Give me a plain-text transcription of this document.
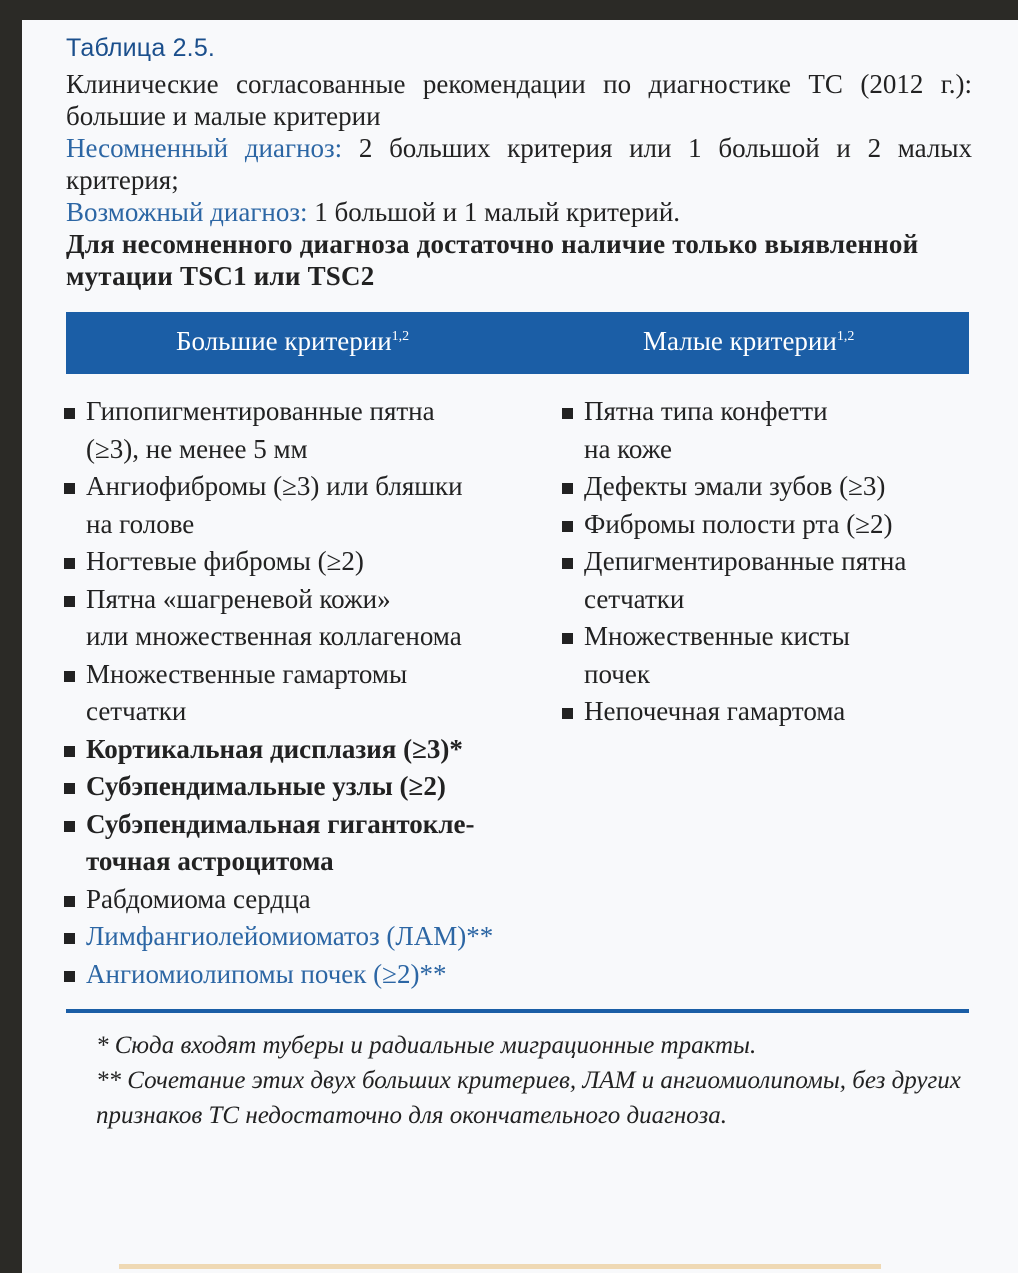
Таблица 2.5.
Клинические согласованные рекомендации по диагностике ТС (2012 г.): большие и малые критерии
Несомненный диагноз: 2 больших критерия или 1 большой и 2 малых критерия;
Возможный диагноз: 1 большой и 1 малый критерий.
Для несомненного диагноза достаточно наличие только выявленной мутации TSC1 или TSC2
Большие критерии$^{1,2}$	Малые критерии$^{1,2}$
Гипопигментированные пятна
(≥3), не менее 5 мм
Ангиофибромы (≥3) или бляшки
на голове
Ногтевые фибромы (≥2)
Пятна «шагреневой кожи»
или множественная коллагенома
Множественные гамартомы
сетчатки
Кортикальная дисплазия (≥3)*
Субэпендимальные узлы (≥2)
Субэпендимальная гигантокле-
точная астроцитома
Рабдомиома сердца
Лимфангиолейомиоматоз (ЛАМ)**
Ангиомиолипомы почек (≥2)**
Пятна типа конфетти
на коже
Дефекты эмали зубов (≥3)
Фибромы полости рта (≥2)
Депигментированные пятна
сетчатки
Множественные кисты
почек
Непочечная гамартома
* Сюда входят туберы и радиальные миграционные тракты.
** Сочетание этих двух больших критериев, ЛАМ и ангиомиолипомы, без других признаков ТС недостаточно для окончательного диагноза.
